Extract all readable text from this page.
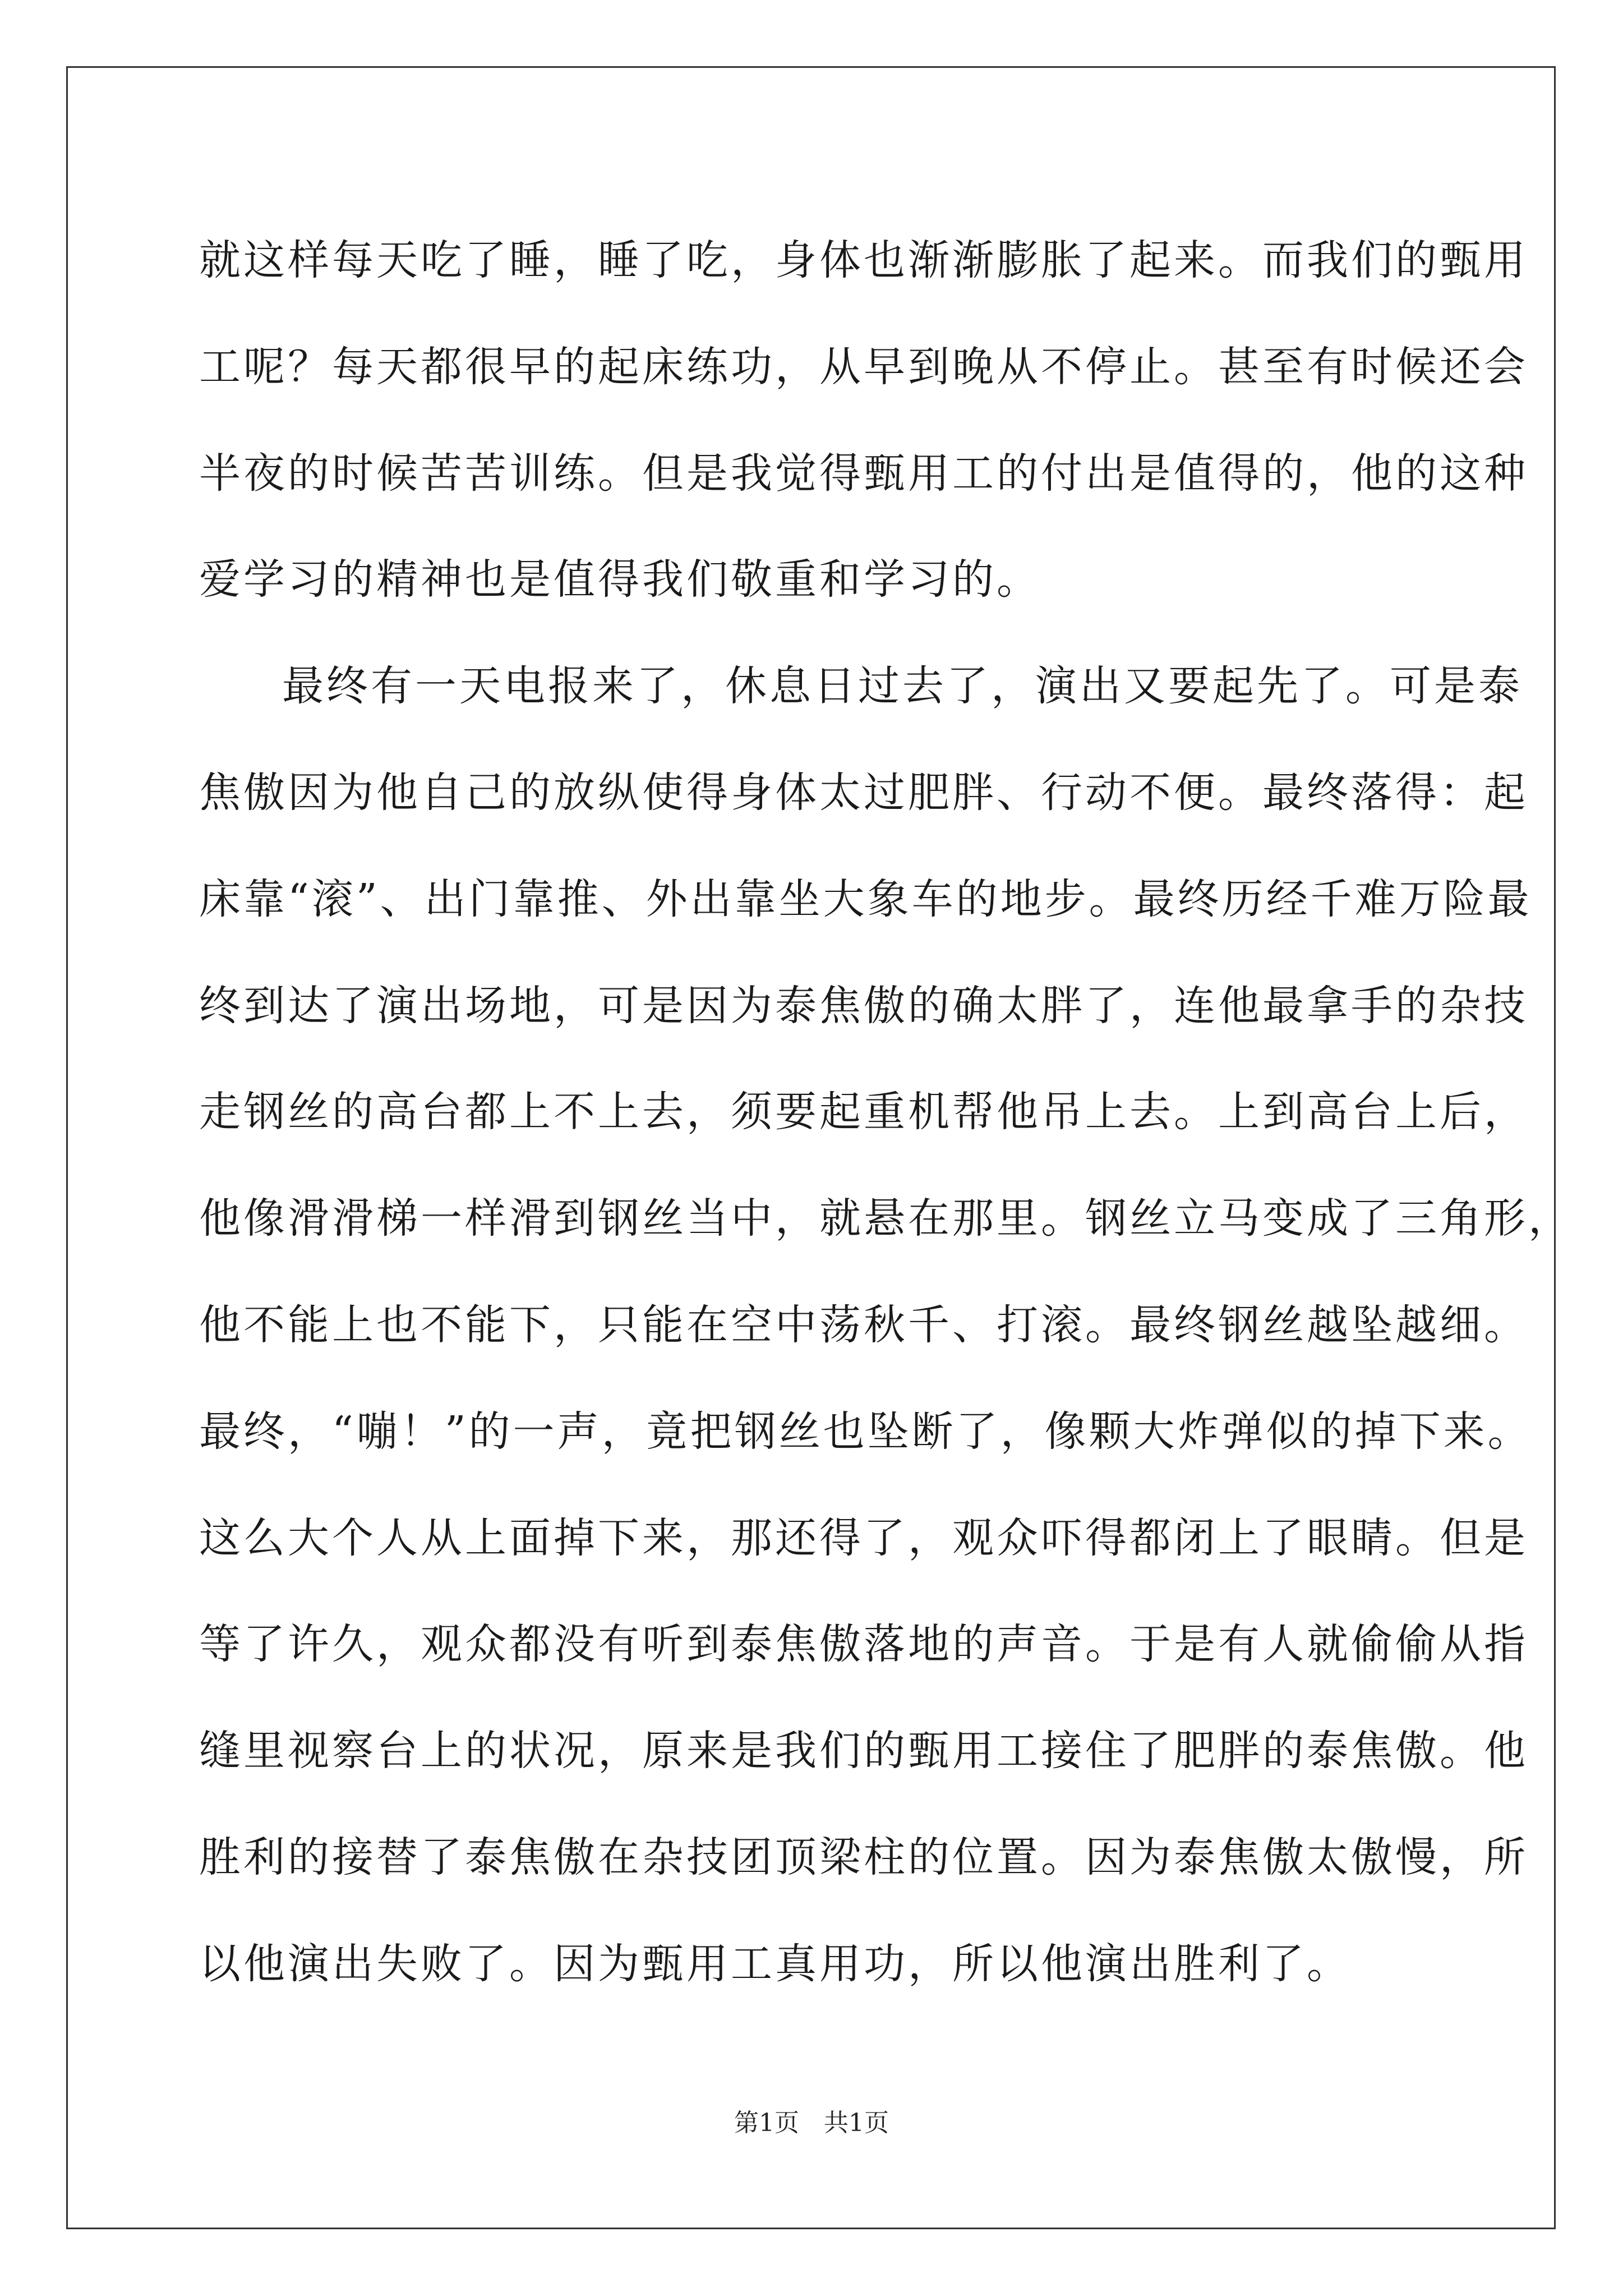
就这样每天吃了睡，睡了吃，身体也渐渐膨胀了起来。而我们的甄用
工呢？每天都很早的起床练功，从早到晚从不停止。甚至有时候还会
半夜的时候苦苦训练。但是我觉得甄用工的付出是值得的，他的这种
爱学习的精神也是值得我们敬重和学习的。
最终有一天电报来了，休息日过去了，演出又要起先了。可是泰
焦傲因为他自己的放纵使得身体太过肥胖、行动不便。最终落得：起
床靠“滚”、出门靠推、外出靠坐大象车的地步。最终历经千难万险最
终到达了演出场地，可是因为泰焦傲的确太胖了，连他最拿手的杂技
走钢丝的高台都上不上去，须要起重机帮他吊上去。上到高台上后，
他像滑滑梯一样滑到钢丝当中，就悬在那里。钢丝立马变成了三角形，
他不能上也不能下，只能在空中荡秋千、打滚。最终钢丝越坠越细。
最终，“嘣！”的一声，竟把钢丝也坠断了，像颗大炸弹似的掉下来。
这么大个人从上面掉下来，那还得了，观众吓得都闭上了眼睛。但是
等了许久，观众都没有听到泰焦傲落地的声音。于是有人就偷偷从指
缝里视察台上的状况，原来是我们的甄用工接住了肥胖的泰焦傲。他
胜利的接替了泰焦傲在杂技团顶梁柱的位置。因为泰焦傲太傲慢，所
以他演出失败了。因为甄用工真用功，所以他演出胜利了。
第1页 共1页
